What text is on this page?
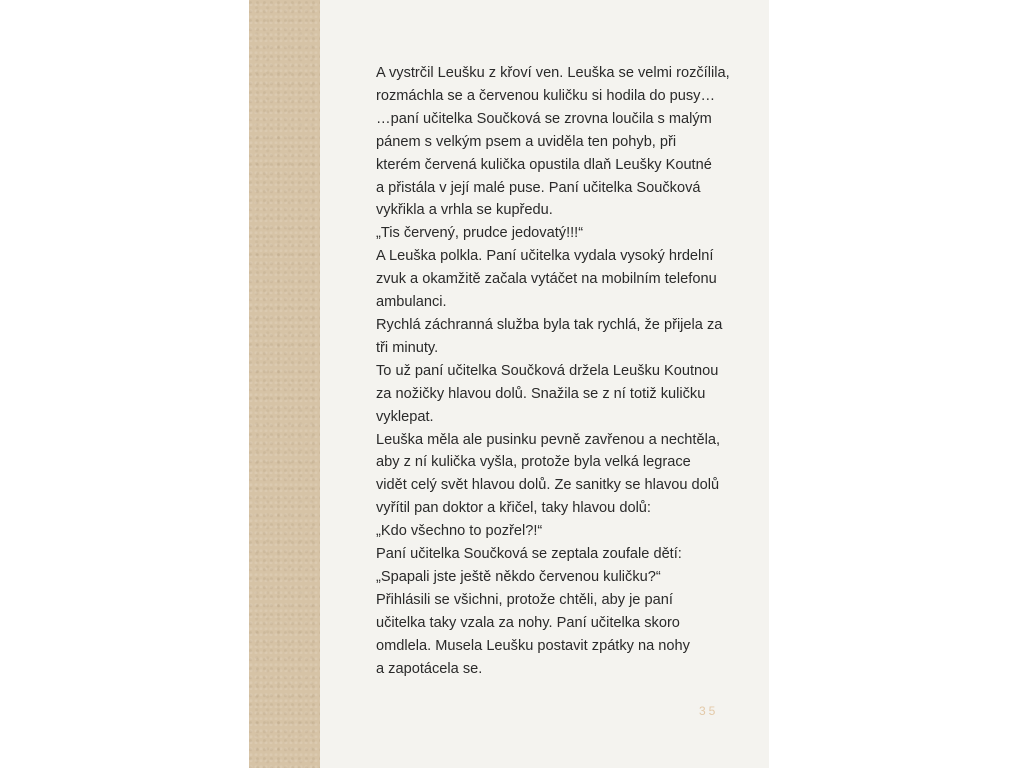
A vystrčil Leušku z křoví ven. Leuška se velmi rozčílila,
rozmáchla se a červenou kuličku si hodila do pusy…
…paní učitelka Součková se zrovna loučila s malým
pánem s velkým psem a uviděla ten pohyb, při
kterém červená kulička opustila dlaň Leušky Koutné
a přistála v její malé puse. Paní učitelka Součková
vykřikla a vrhla se kupředu.
„Tis červený, prudce jedovatý!!!“
A Leuška polkla. Paní učitelka vydala vysoký hrdelní
zvuk a okamžitě začala vytáčet na mobilním telefonu
ambulanci.
Rychlá záchranná služba byla tak rychlá, že přijela za
tři minuty.
To už paní učitelka Součková držela Leušku Koutnou
za nožičky hlavou dolů. Snažila se z ní totiž kuličku
vyklepat.
Leuška měla ale pusinku pevně zavřenou a nechtěla,
aby z ní kulička vyšla, protože byla velká legrace
vidět celý svět hlavou dolů. Ze sanitky se hlavou dolů
vyřítil pan doktor a křičel, taky hlavou dolů:
„Kdo všechno to pozřel?!“
Paní učitelka Součková se zeptala zoufale dětí:
„Spapali jste ještě někdo červenou kuličku?“
Přihlásili se všichni, protože chtěli, aby je paní
učitelka taky vzala za nohy. Paní učitelka skoro
omdlela. Musela Leušku postavit zpátky na nohy
a zapotácela se.

35
